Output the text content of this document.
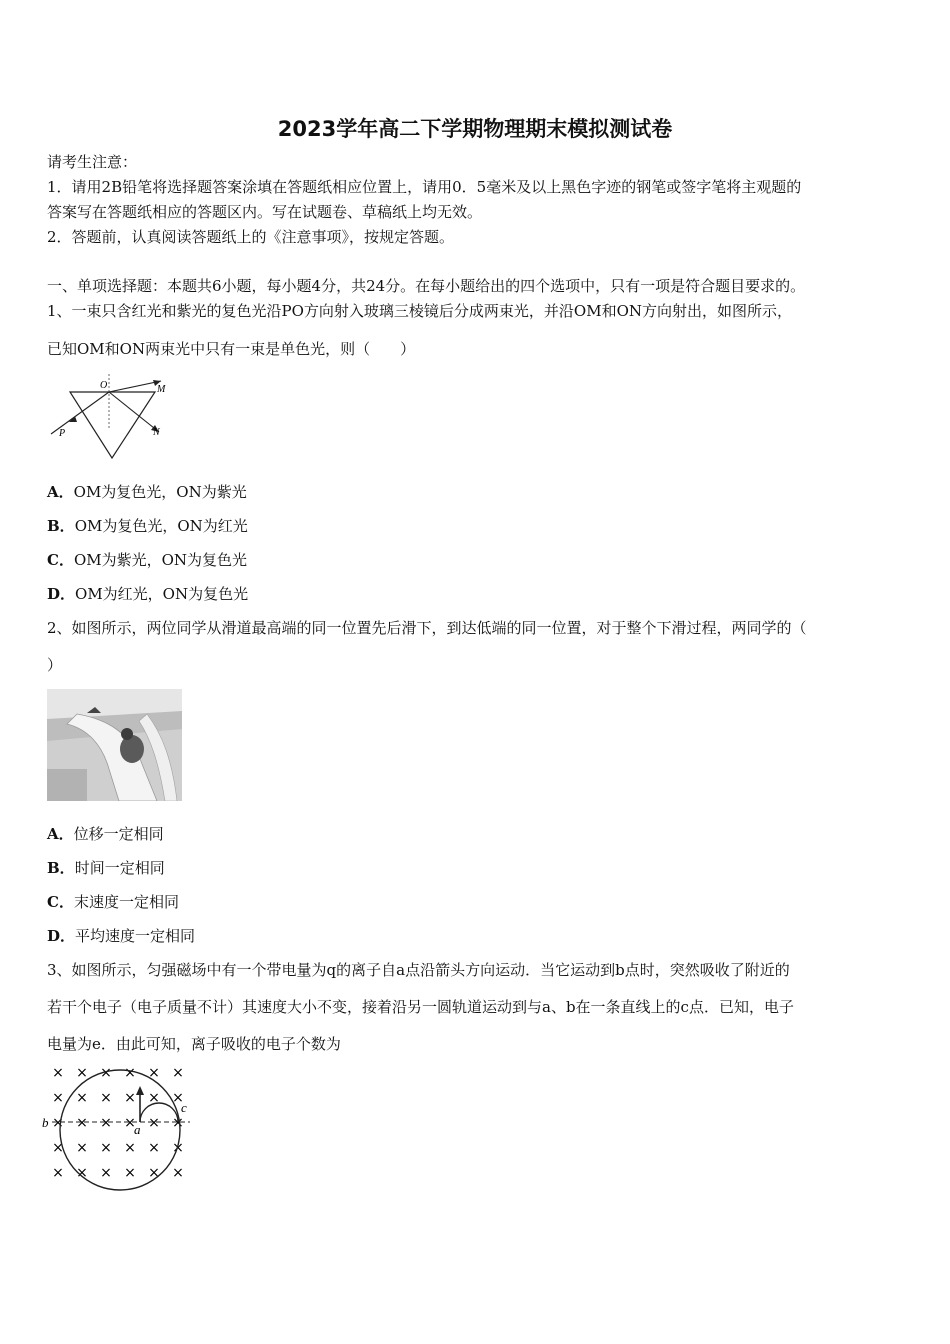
2023学年高二下学期物理期末模拟测试卷
请考生注意：
1．请用2B铅笔将选择题答案涂填在答题纸相应位置上，请用0．5毫米及以上黑色字迹的钢笔或签字笔将主观题的
答案写在答题纸相应的答题区内。写在试题卷、草稿纸上均无效。
2．答题前，认真阅读答题纸上的《注意事项》，按规定答题。
一、单项选择题：本题共6小题，每小题4分，共24分。在每小题给出的四个选项中，只有一项是符合题目要求的。
1、一束只含红光和紫光的复色光沿PO方向射入玻璃三棱镜后分成两束光，并沿OM和ON方向射出，如图所示，
已知OM和ON两束光中只有一束是单色光，则（　　）
O	M
P	N
A．OM为复色光，ON为紫光
B．OM为复色光，ON为红光
C．OM为紫光，ON为复色光
D．OM为红光，ON为复色光
2、如图所示，两位同学从滑道最高端的同一位置先后滑下，到达低端的同一位置，对于整个下滑过程，两同学的（
）
A．位移一定相同
B．时间一定相同
C．末速度一定相同
D．平均速度一定相同
3、如图所示，匀强磁场中有一个带电量为q的离子自a点沿箭头方向运动．当它运动到b点时，突然吸收了附近的
若干个电子（电子质量不计）其速度大小不变，接着沿另一圆轨道运动到与a、b在一条直线上的c点．已知，电子
电量为e．由此可知，离子吸收的电子个数为
× × × × × ×
× × × × × ×
× × × × × ×
× × × × × ×
× × × × × ×
b	a
c
